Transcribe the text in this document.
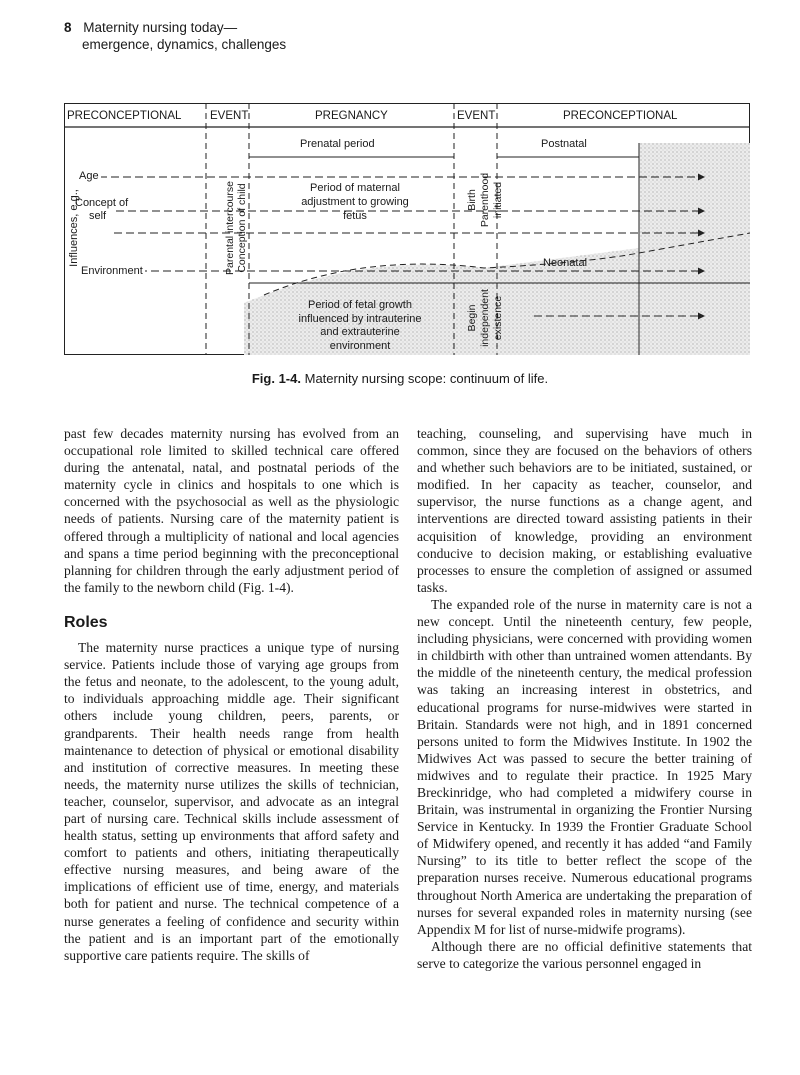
8 Maternity nursing today—
emergence, dynamics, challenges
PRECONCEPTIONAL EVENT	PREGNANCY	EVENT	PRECONCEPTIONAL
Influences, e.g.,
Age
Concept of
self
Environment	Parental intercourse Conception of child
Prenatal period
Period of maternal
adjustment to growing
fetus
Period of fetal growth
influenced by intrauterine
and extrauterine
environment
Birth Parenthood initiated
Begin independent existence
Postnatal
Neonatal
Fig. 1-4. Maternity nursing scope: continuum of life.

past few decades maternity nursing has evolved from an occupational role limited to skilled technical care offered during the antenatal, natal, and postnatal periods of the maternity cycle in clinics and hospitals to one which is concerned with the psychosocial as well as the physiologic needs of patients. Nursing care of the maternity patient is offered through a multiplicity of national and local agencies and spans a time period beginning with the preconceptional planning for children through the early adjustment period of the family to the newborn child (Fig. 1-4).

Roles

The maternity nurse practices a unique type of nursing service. Patients include those of varying age groups from the fetus and neonate, to the adolescent, to the young adult, to individuals approaching middle age. Their significant others include young children, peers, parents, or grandparents. Their health needs range from health maintenance to detection of physical or emotional disability and institution of corrective measures. In meeting these needs, the maternity nurse utilizes the skills of technician, teacher, counselor, supervisor, and advocate as an integral part of nursing care. Technical skills include assessment of health status, setting up environments that afford safety and comfort to patients and others, initiating therapeutically effective nursing measures, and being aware of the implications of efficient use of time, energy, and materials both for patient and nurse. The technical competence of a nurse generates a feeling of confidence and security within the patient and is an important part of the emotionally supportive care patients require. The skills of

teaching, counseling, and supervising have much in common, since they are focused on the behaviors of others and whether such behaviors are to be initiated, sustained, or modified. In her capacity as teacher, counselor, and supervisor, the nurse functions as a change agent, and interventions are directed toward assisting patients in their acquisition of knowledge, providing an environment conducive to decision making, or establishing evaluative processes to ensure the completion of assigned or assumed tasks.

The expanded role of the nurse in maternity care is not a new concept. Until the nineteenth century, few people, including physicians, were concerned with providing women in childbirth with other than untrained women attendants. By the middle of the nineteenth century, the medical profession was taking an increasing interest in obstetrics, and educational programs for nurse-midwives were started in Britain. Standards were not high, and in 1891 concerned persons united to form the Midwives Institute. In 1902 the Midwives Act was passed to secure the better training of midwives and to regulate their practice. In 1925 Mary Breckinridge, who had completed a midwifery course in Britain, was instrumental in organizing the Frontier Nursing Service in Kentucky. In 1939 the Frontier Graduate School of Midwifery opened, and recently it has added “and Family Nursing” to its title to better reflect the scope of the preparation nurses receive. Numerous educational programs throughout North America are undertaking the preparation of nurses for several expanded roles in maternity nursing (see Appendix M for list of nurse-midwife programs).

Although there are no official definitive statements that serve to categorize the various personnel engaged in
